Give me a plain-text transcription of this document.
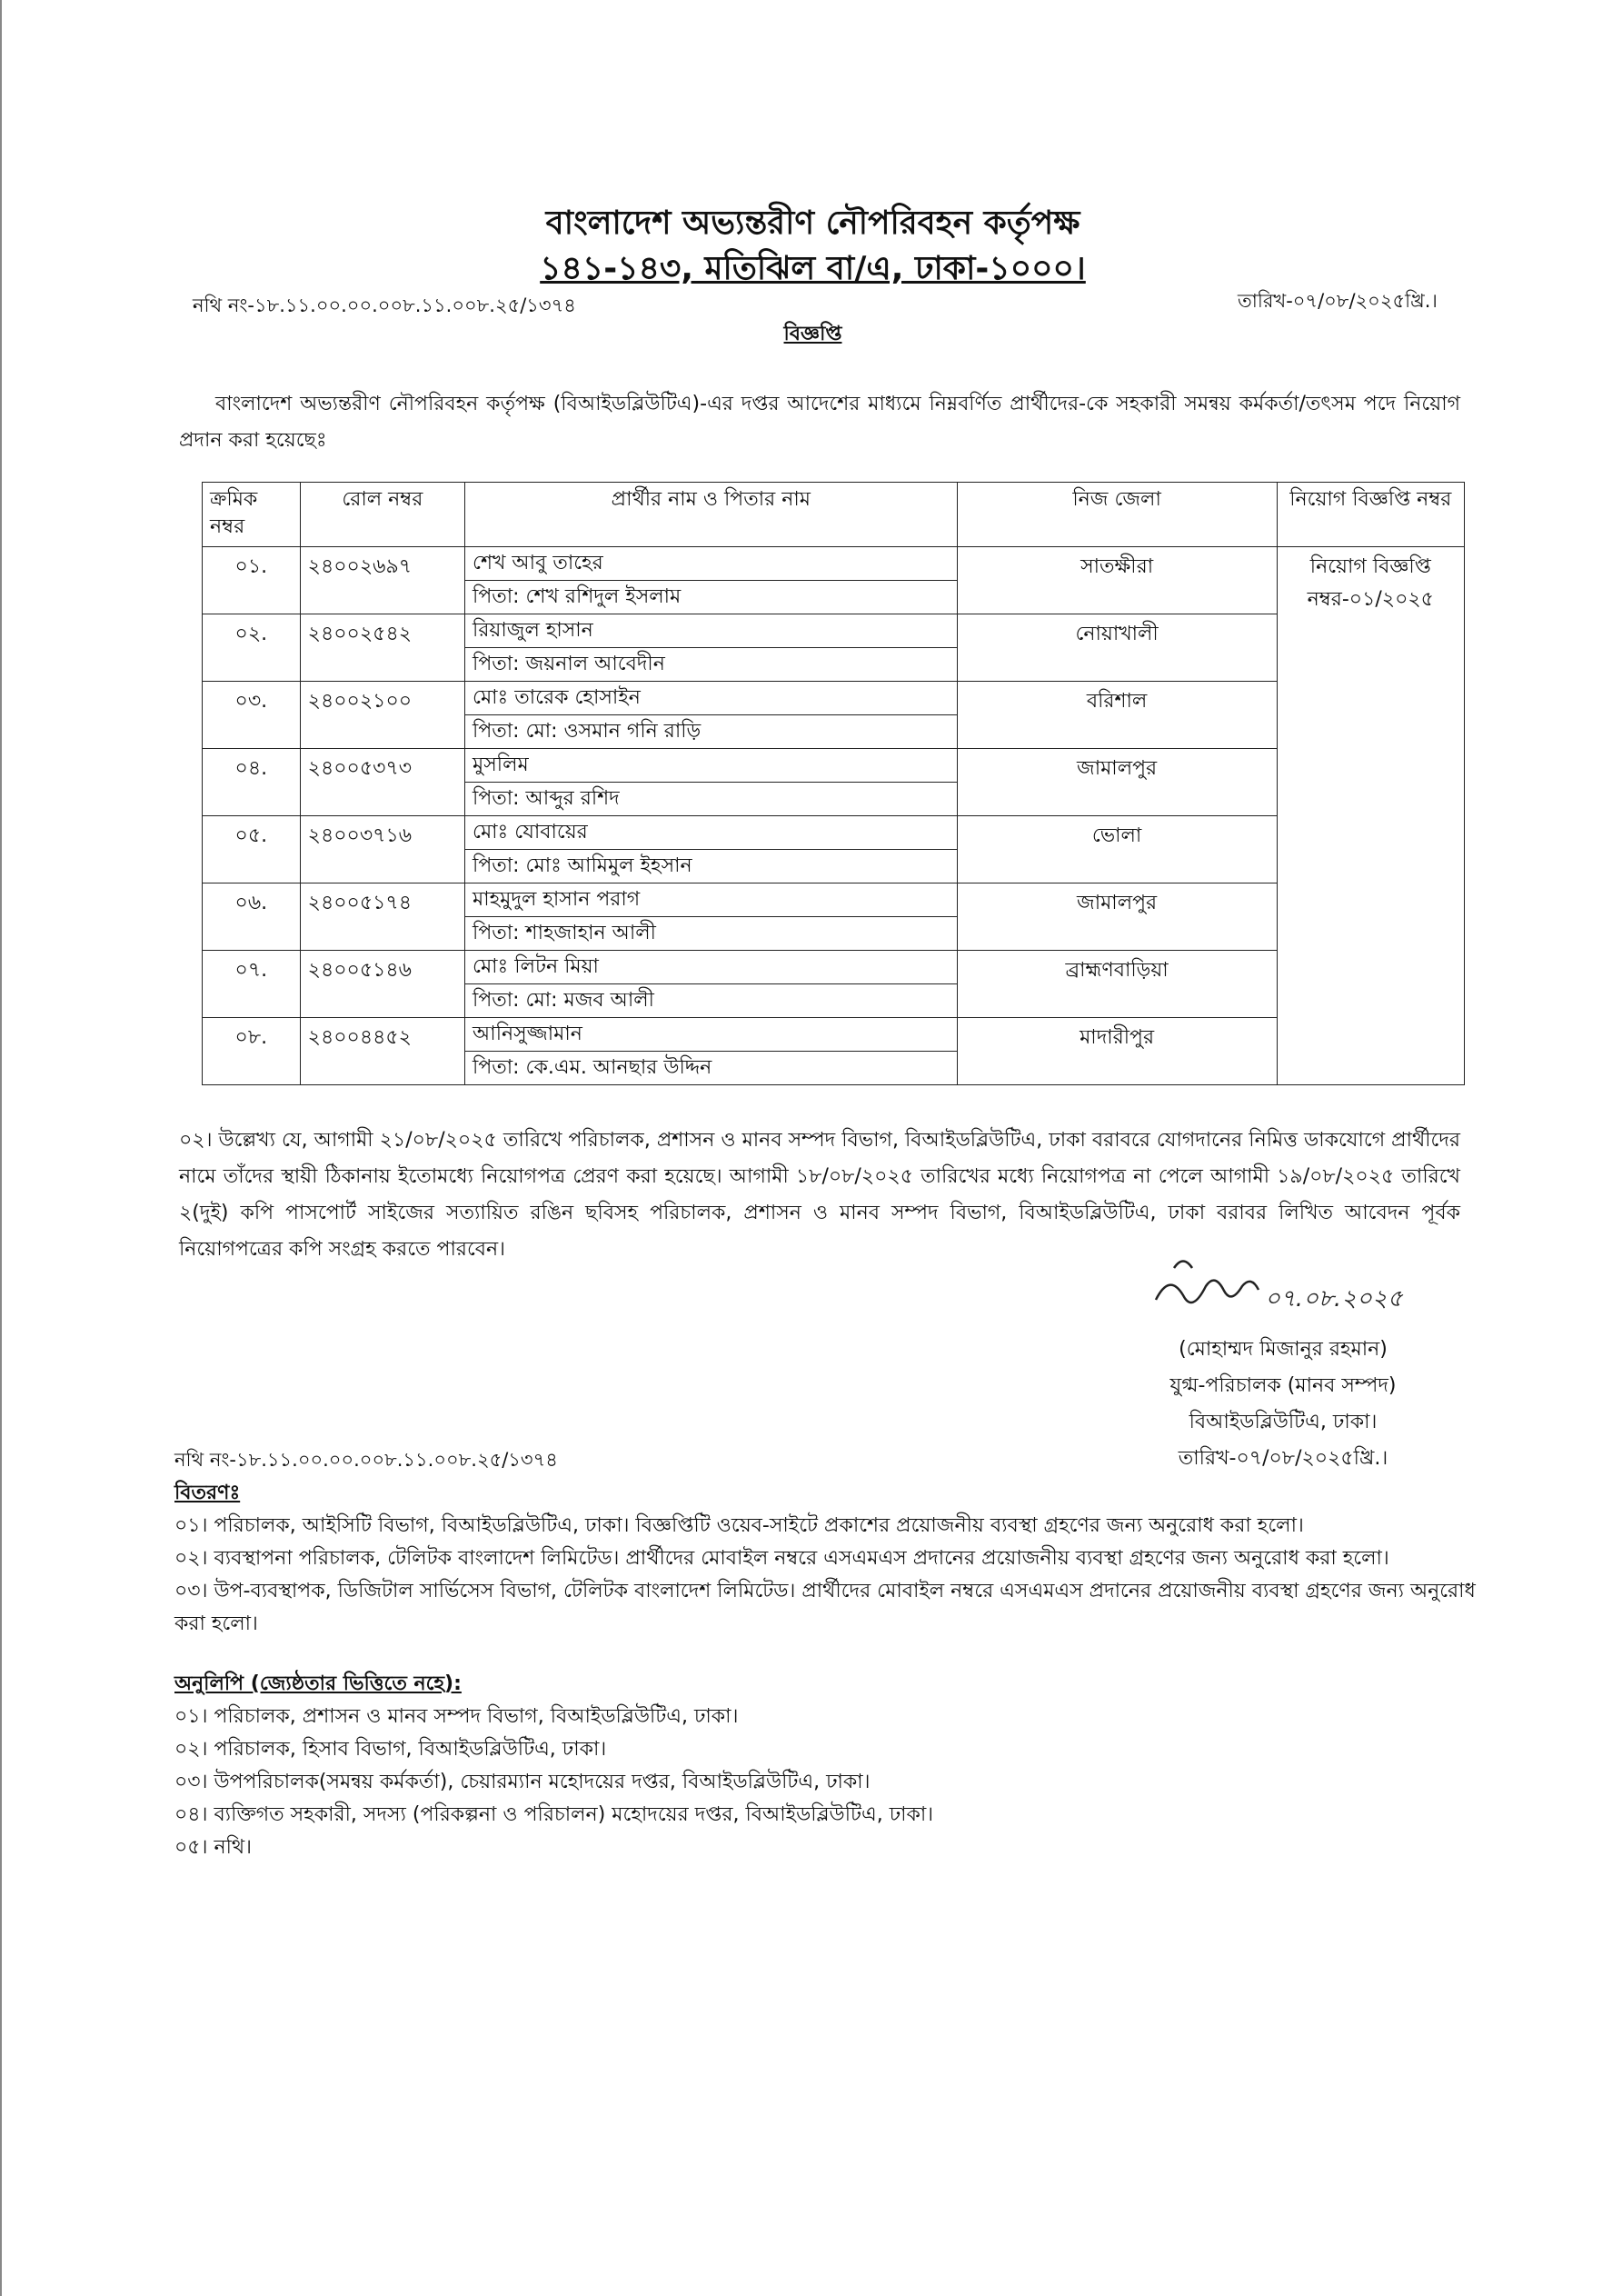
বাংলাদেশ অভ্যন্তরীণ নৌপরিবহন কর্তৃপক্ষ
১৪১-১৪৩, মতিঝিল বা/এ, ঢাকা-১০০০।
নথি নং-১৮.১১.০০.০০.০০৮.১১.০০৮.২৫/১৩৭৪	তারিখ-০৭/০৮/২০২৫খ্রি.।
বিজ্ঞপ্তি
বাংলাদেশ অভ্যন্তরীণ নৌপরিবহন কর্তৃপক্ষ (বিআইডব্লিউটিএ)-এর দপ্তর আদেশের মাধ্যমে নিম্নবর্ণিত প্রার্থীদের-কে সহকারী সমন্বয় কর্মকর্তা/তৎসম পদে নিয়োগ প্রদান করা হয়েছেঃ
ক্রমিক নম্বর	রোল নম্বর	প্রার্থীর নাম ও পিতার নাম	নিজ জেলা	নিয়োগ বিজ্ঞপ্তি নম্বর
০১.	২৪০০২৬৯৭	শেখ আবু তাহের
পিতা: শেখ রশিদুল ইসলাম	সাতক্ষীরা	নিয়োগ বিজ্ঞপ্তি নম্বর-০১/২০২৫
০২.	২৪০০২৫৪২	রিয়াজুল হাসান
পিতা: জয়নাল আবেদীন	নোয়াখালী	
০৩.	২৪০০২১০০	মোঃ তারেক হোসাইন
পিতা: মো: ওসমান গনি রাড়ি	বরিশাল	
০৪.	২৪০০৫৩৭৩	মুসলিম
পিতা: আব্দুর রশিদ	জামালপুর	
০৫.	২৪০০৩৭১৬	মোঃ যোবায়ের
পিতা: মোঃ আমিমুল ইহসান	ভোলা	
০৬.	২৪০০৫১৭৪	মাহমুদুল হাসান পরাগ
পিতা: শাহজাহান আলী	জামালপুর	
০৭.	২৪০০৫১৪৬	মোঃ লিটন মিয়া
পিতা: মো: মজব আলী	ব্রাহ্মণবাড়িয়া	
০৮.	২৪০০৪৪৫২	আনিসুজ্জামান
পিতা: কে.এম. আনছার উদ্দিন	মাদারীপুর	
০২। উল্লেখ্য যে, আগামী ২১/০৮/২০২৫ তারিখে পরিচালক, প্রশাসন ও মানব সম্পদ বিভাগ, বিআইডব্লিউটিএ, ঢাকা বরাবরে যোগদানের নিমিত্ত ডাকযোগে প্রার্থীদের নামে তাঁদের স্থায়ী ঠিকানায় ইতোমধ্যে নিয়োগপত্র প্রেরণ করা হয়েছে। আগামী ১৮/০৮/২০২৫ তারিখের মধ্যে নিয়োগপত্র না পেলে আগামী ১৯/০৮/২০২৫ তারিখে ২(দুই) কপি পাসপোর্ট সাইজের সত্যায়িত রঙিন ছবিসহ পরিচালক, প্রশাসন ও মানব সম্পদ বিভাগ, বিআইডব্লিউটিএ, ঢাকা বরাবর লিখিত আবেদন পূর্বক নিয়োগপত্রের কপি সংগ্রহ করতে পারবেন।
০৭.০৮.২০২৫
(মোহাম্মদ মিজানুর রহমান)
যুগ্ম-পরিচালক (মানব সম্পদ)
বিআইডব্লিউটিএ, ঢাকা।
তারিখ-০৭/০৮/২০২৫খ্রি.।
নথি নং-১৮.১১.০০.০০.০০৮.১১.০০৮.২৫/১৩৭৪
বিতরণঃ
০১। পরিচালক, আইসিটি বিভাগ, বিআইডব্লিউটিএ, ঢাকা। বিজ্ঞপ্তিটি ওয়েব-সাইটে প্রকাশের প্রয়োজনীয় ব্যবস্থা গ্রহণের জন্য অনুরোধ করা হলো।
০২। ব্যবস্থাপনা পরিচালক, টেলিটক বাংলাদেশ লিমিটেড। প্রার্থীদের মোবাইল নম্বরে এসএমএস প্রদানের প্রয়োজনীয় ব্যবস্থা গ্রহণের জন্য অনুরোধ করা হলো।
০৩। উপ-ব্যবস্থাপক, ডিজিটাল সার্ভিসেস বিভাগ, টেলিটক বাংলাদেশ লিমিটেড। প্রার্থীদের মোবাইল নম্বরে এসএমএস প্রদানের প্রয়োজনীয় ব্যবস্থা গ্রহণের জন্য অনুরোধ করা হলো।
অনুলিপি (জ্যেষ্ঠতার ভিত্তিতে নহে):
০১। পরিচালক, প্রশাসন ও মানব সম্পদ বিভাগ, বিআইডব্লিউটিএ, ঢাকা।
০২। পরিচালক, হিসাব বিভাগ, বিআইডব্লিউটিএ, ঢাকা।
০৩। উপপরিচালক(সমন্বয় কর্মকর্তা), চেয়ারম্যান মহোদয়ের দপ্তর, বিআইডব্লিউটিএ, ঢাকা।
০৪। ব্যক্তিগত সহকারী, সদস্য (পরিকল্পনা ও পরিচালন) মহোদয়ের দপ্তর, বিআইডব্লিউটিএ, ঢাকা।
০৫। নথি।
